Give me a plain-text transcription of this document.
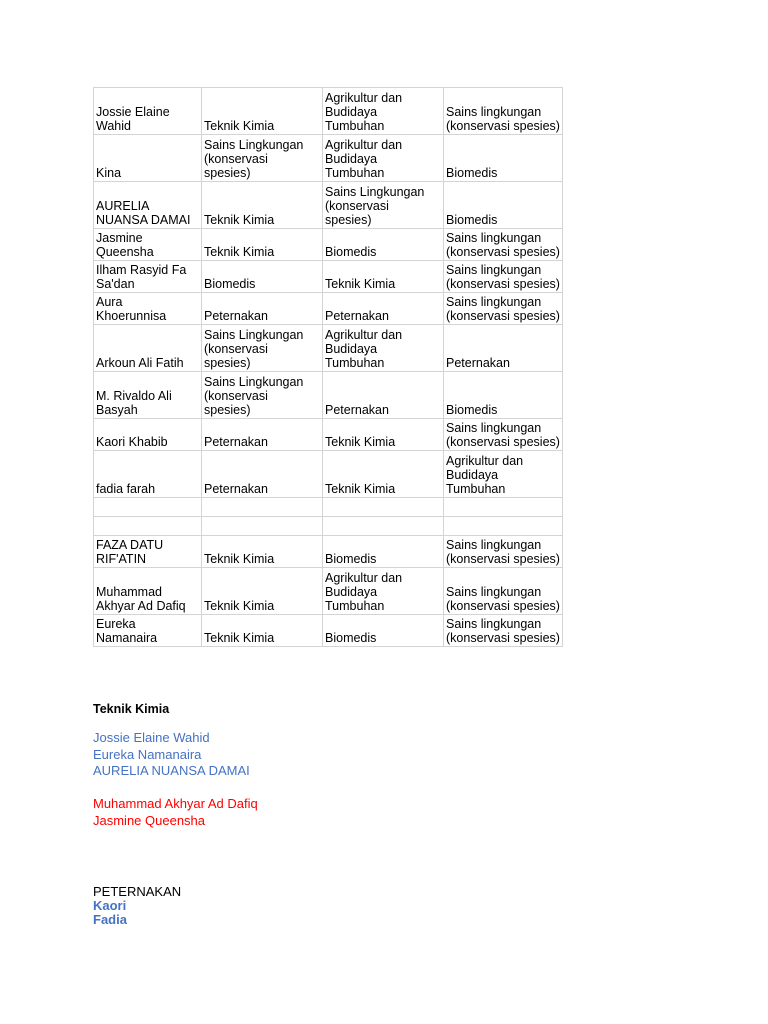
Jossie Elaine
Wahid	Teknik Kimia	Agrikultur dan
Budidaya
Tumbuhan	Sains lingkungan
(konservasi spesies)
Kina	Sains Lingkungan
(konservasi
spesies)	Agrikultur dan
Budidaya
Tumbuhan	Biomedis
AURELIA
NUANSA DAMAI	Teknik Kimia	Sains Lingkungan
(konservasi
spesies)	Biomedis
Jasmine
Queensha	Teknik Kimia	Biomedis	Sains lingkungan
(konservasi spesies)
Ilham Rasyid Fa
Sa'dan	Biomedis	Teknik Kimia	Sains lingkungan
(konservasi spesies)
Aura
Khoerunnisa	Peternakan	Peternakan	Sains lingkungan
(konservasi spesies)
Arkoun Ali Fatih	Sains Lingkungan
(konservasi
spesies)	Agrikultur dan
Budidaya
Tumbuhan	Peternakan
M. Rivaldo Ali
Basyah	Sains Lingkungan
(konservasi
spesies)	Peternakan	Biomedis
Kaori Khabib	Peternakan	Teknik Kimia	Sains lingkungan
(konservasi spesies)
fadia farah	Peternakan	Teknik Kimia	Agrikultur dan
Budidaya
Tumbuhan

FAZA DATU
RIF'ATIN	Teknik Kimia	Biomedis	Sains lingkungan
(konservasi spesies)
Muhammad
Akhyar Ad Dafiq	Teknik Kimia	Agrikultur dan
Budidaya
Tumbuhan	Sains lingkungan
(konservasi spesies)
Eureka
Namanaira	Teknik Kimia	Biomedis	Sains lingkungan
(konservasi spesies)
Teknik Kimia
Jossie Elaine Wahid
Eureka Namanaira
AURELIA NUANSA DAMAI
Muhammad Akhyar Ad Dafiq
Jasmine Queensha
PETERNAKAN
Kaori
Fadia
